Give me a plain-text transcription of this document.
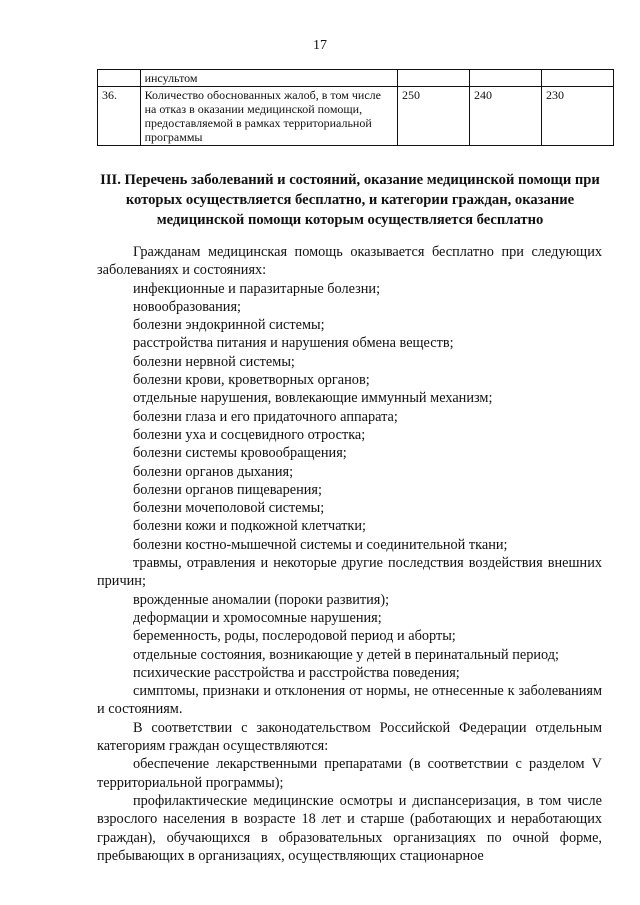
17
	инсультом			
36.	Количество обоснованных жалоб, в том числе на отказ в оказании медицинской помощи, предоставляемой в рамках территориальной программы	250	240	230
III. Перечень заболеваний и состояний, оказание медицинской помощи при которых осуществляется бесплатно, и категории граждан, оказание медицинской помощи которым осуществляется бесплатно

Гражданам медицинская помощь оказывается бесплатно при следующих заболеваниях и состояниях:

инфекционные и паразитарные болезни;
новообразования;
болезни эндокринной системы;
расстройства питания и нарушения обмена веществ;
болезни нервной системы;
болезни крови, кроветворных органов;
отдельные нарушения, вовлекающие иммунный механизм;
болезни глаза и его придаточного аппарата;
болезни уха и сосцевидного отростка;
болезни системы кровообращения;
болезни органов дыхания;
болезни органов пищеварения;
болезни мочеполовой системы;
болезни кожи и подкожной клетчатки;
болезни костно-мышечной системы и соединительной ткани;
травмы, отравления и некоторые другие последствия воздействия внешних причин;
врожденные аномалии (пороки развития);
деформации и хромосомные нарушения;
беременность, роды, послеродовой период и аборты;
отдельные состояния, возникающие у детей в перинатальный период;
психические расстройства и расстройства поведения;
симптомы, признаки и отклонения от нормы, не отнесенные к заболеваниям и состояниям.

В соответствии с законодательством Российской Федерации отдельным категориям граждан осуществляются:

обеспечение лекарственными препаратами (в соответствии с разделом V территориальной программы);

профилактические медицинские осмотры и диспансеризация, в том числе взрослого населения в возрасте 18 лет и старше (работающих и неработающих граждан), обучающихся в образовательных организациях по очной форме, пребывающих в организациях, осуществляющих стационарное
